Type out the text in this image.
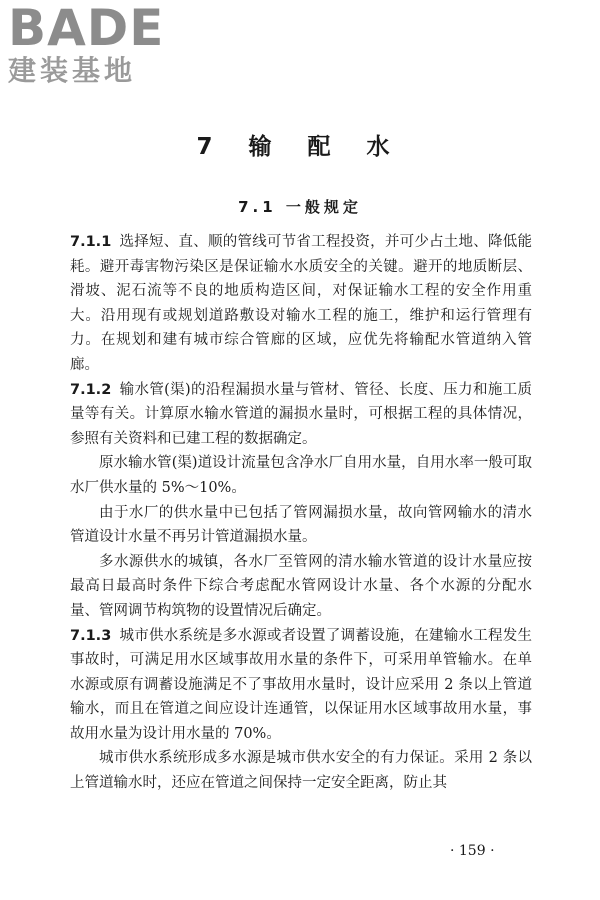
BADE
建装基地
7 输 配 水
7.1 一般规定

7.1.1 选择短、直、顺的管线可节省工程投资，并可少占土地、降低能耗。避开毒害物污染区是保证输水水质安全的关键。避开的地质断层、滑坡、泥石流等不良的地质构造区间，对保证输水工程的安全作用重大。沿用现有或规划道路敷设对输水工程的施工，维护和运行管理有力。在规划和建有城市综合管廊的区域，应优先将输配水管道纳入管廊。

7.1.2 输水管(渠)的沿程漏损水量与管材、管径、长度、压力和施工质量等有关。计算原水输水管道的漏损水量时，可根据工程的具体情况，参照有关资料和已建工程的数据确定。

原水输水管(渠)道设计流量包含净水厂自用水量，自用水率一般可取水厂供水量的 5%～10%。

由于水厂的供水量中已包括了管网漏损水量，故向管网输水的清水管道设计水量不再另计管道漏损水量。

多水源供水的城镇，各水厂至管网的清水输水管道的设计水量应按最高日最高时条件下综合考虑配水管网设计水量、各个水源的分配水量、管网调节构筑物的设置情况后确定。

7.1.3 城市供水系统是多水源或者设置了调蓄设施，在建输水工程发生事故时，可满足用水区域事故用水量的条件下，可采用单管输水。在单水源或原有调蓄设施满足不了事故用水量时，设计应采用 2 条以上管道输水，而且在管道之间应设计连通管，以保证用水区域事故用水量，事故用水量为设计用水量的 70%。

城市供水系统形成多水源是城市供水安全的有力保证。采用 2 条以上管道输水时，还应在管道之间保持一定安全距离，防止其

· 159 ·
